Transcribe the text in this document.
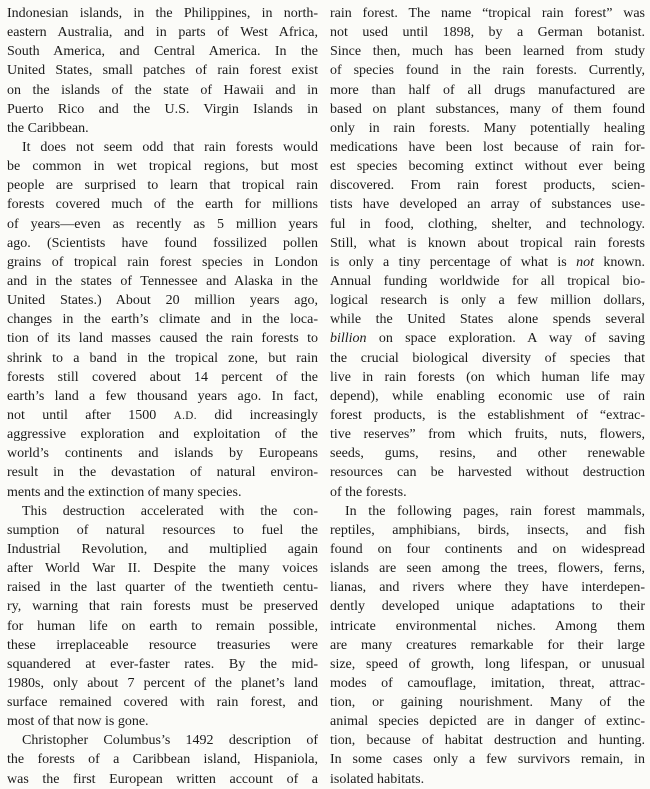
Indonesian islands, in the Philippines, in north-
eastern Australia, and in parts of West Africa,
South America, and Central America. In the
United States, small patches of rain forest exist
on the islands of the state of Hawaii and in
Puerto Rico and the U.S. Virgin Islands in
the Caribbean.
It does not seem odd that rain forests would
be common in wet tropical regions, but most
people are surprised to learn that tropical rain
forests covered much of the earth for millions
of years—even as recently as 5 million years
ago. (Scientists have found fossilized pollen
grains of tropical rain forest species in London
and in the states of Tennessee and Alaska in the
United States.) About 20 million years ago,
changes in the earth’s climate and in the loca-
tion of its land masses caused the rain forests to
shrink to a band in the tropical zone, but rain
forests still covered about 14 percent of the
earth’s land a few thousand years ago. In fact,
not until after 1500 A.D. did increasingly
aggressive exploration and exploitation of the
world’s continents and islands by Europeans
result in the devastation of natural environ-
ments and the extinction of many species.
This destruction accelerated with the con-
sumption of natural resources to fuel the
Industrial Revolution, and multiplied again
after World War II. Despite the many voices
raised in the last quarter of the twentieth centu-
ry, warning that rain forests must be preserved
for human life on earth to remain possible,
these irreplaceable resource treasuries were
squandered at ever-faster rates. By the mid-
1980s, only about 7 percent of the planet’s land
surface remained covered with rain forest, and
most of that now is gone.
Christopher Columbus’s 1492 description of
the forests of a Caribbean island, Hispaniola,
was the first European written account of a
rain forest. The name “tropical rain forest” was
not used until 1898, by a German botanist.
Since then, much has been learned from study
of species found in the rain forests. Currently,
more than half of all drugs manufactured are
based on plant substances, many of them found
only in rain forests. Many potentially healing
medications have been lost because of rain for-
est species becoming extinct without ever being
discovered. From rain forest products, scien-
tists have developed an array of substances use-
ful in food, clothing, shelter, and technology.
Still, what is known about tropical rain forests
is only a tiny percentage of what is not known.
Annual funding worldwide for all tropical bio-
logical research is only a few million dollars,
while the United States alone spends several
billion on space exploration. A way of saving
the crucial biological diversity of species that
live in rain forests (on which human life may
depend), while enabling economic use of rain
forest products, is the establishment of “extrac-
tive reserves” from which fruits, nuts, flowers,
seeds, gums, resins, and other renewable
resources can be harvested without destruction
of the forests.
In the following pages, rain forest mammals,
reptiles, amphibians, birds, insects, and fish
found on four continents and on widespread
islands are seen among the trees, flowers, ferns,
lianas, and rivers where they have interdepen-
dently developed unique adaptations to their
intricate environmental niches. Among them
are many creatures remarkable for their large
size, speed of growth, long lifespan, or unusual
modes of camouflage, imitation, threat, attrac-
tion, or gaining nourishment. Many of the
animal species depicted are in danger of extinc-
tion, because of habitat destruction and hunting.
In some cases only a few survivors remain, in
isolated habitats.
